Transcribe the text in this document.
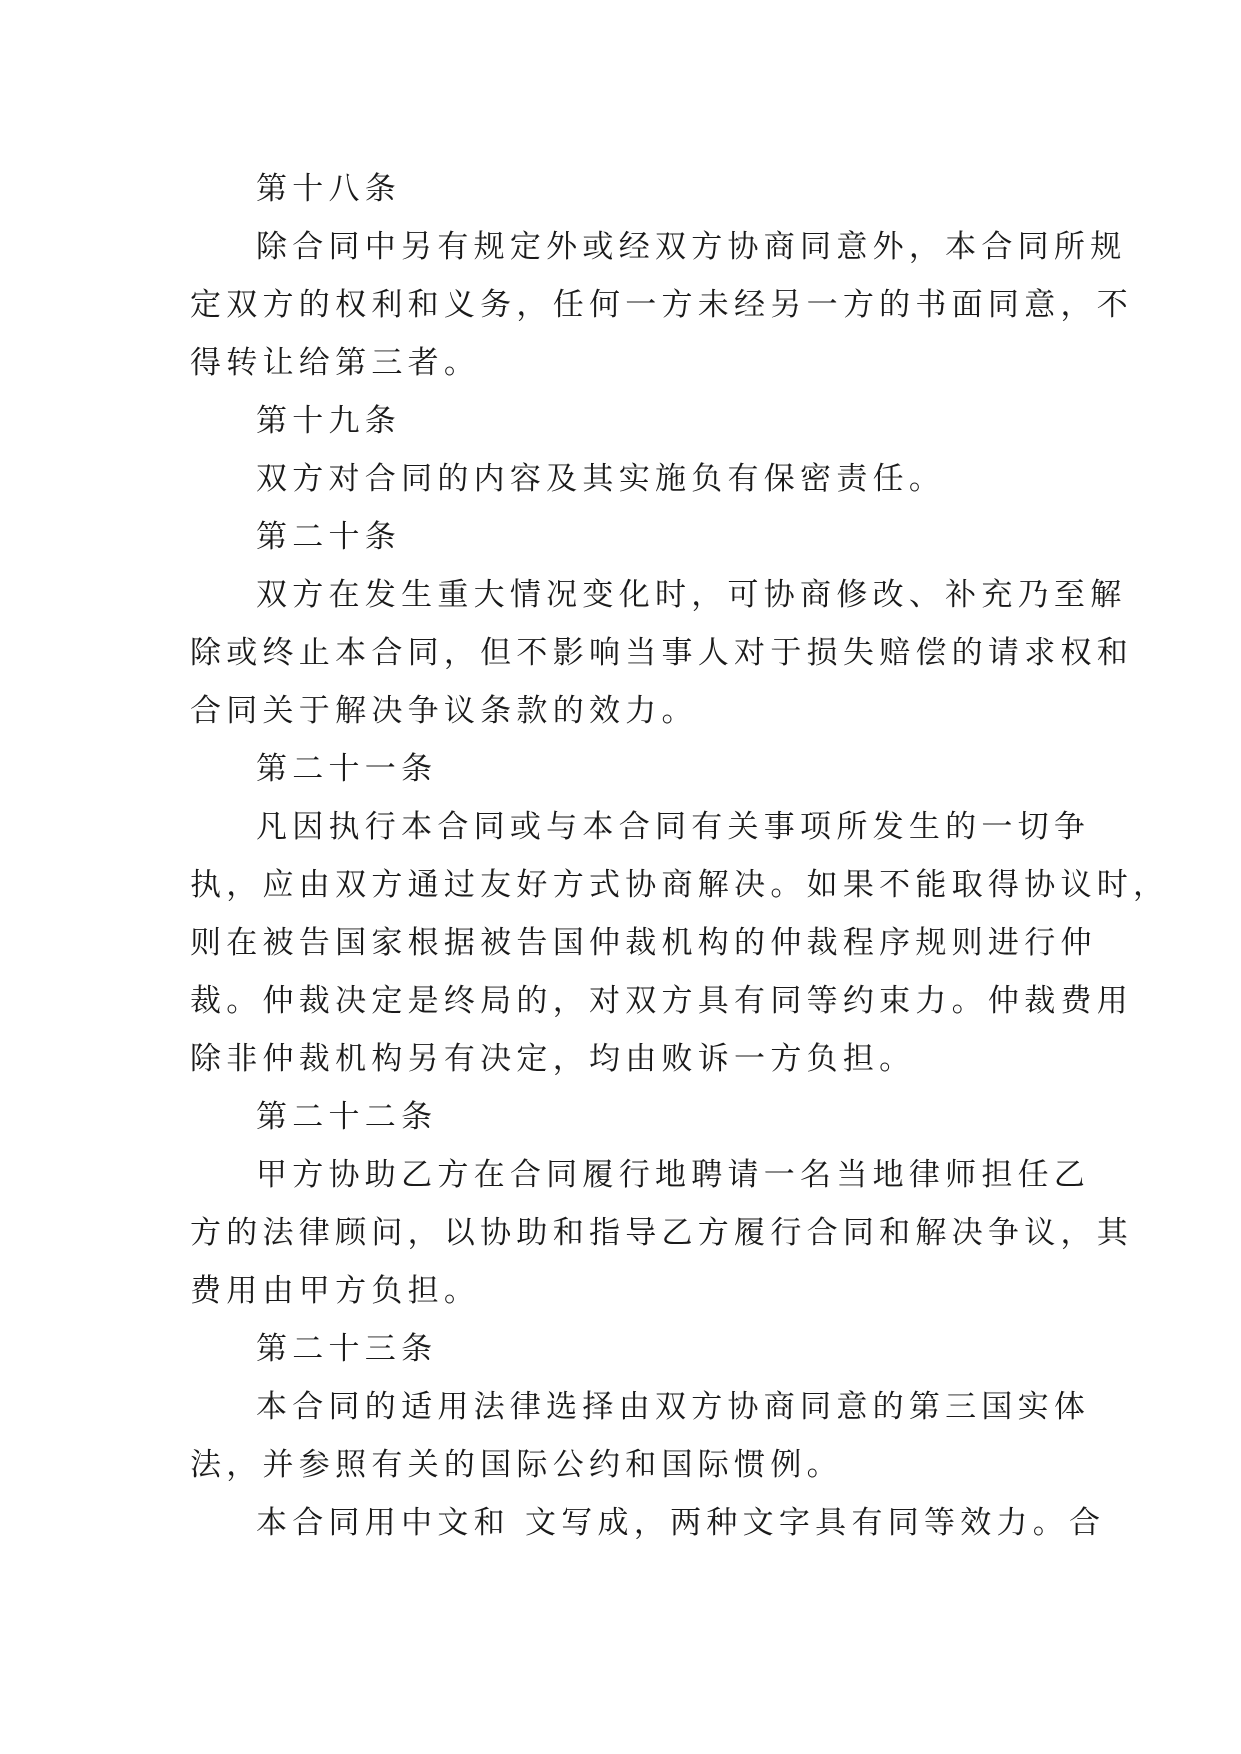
第十八条
除合同中另有规定外或经双方协商同意外，本合同所规
定双方的权利和义务，任何一方未经另一方的书面同意，不
得转让给第三者。
第十九条
双方对合同的内容及其实施负有保密责任。
第二十条
双方在发生重大情况变化时，可协商修改、补充乃至解
除或终止本合同，但不影响当事人对于损失赔偿的请求权和
合同关于解决争议条款的效力。
第二十一条
凡因执行本合同或与本合同有关事项所发生的一切争
执，应由双方通过友好方式协商解决。如果不能取得协议时，
则在被告国家根据被告国仲裁机构的仲裁程序规则进行仲
裁。仲裁决定是终局的，对双方具有同等约束力。仲裁费用
除非仲裁机构另有决定，均由败诉一方负担。
第二十二条
甲方协助乙方在合同履行地聘请一名当地律师担任乙
方的法律顾问，以协助和指导乙方履行合同和解决争议，其
费用由甲方负担。
第二十三条
本合同的适用法律选择由双方协商同意的第三国实体
法，并参照有关的国际公约和国际惯例。
本合同用中文和 文写成，两种文字具有同等效力。合
